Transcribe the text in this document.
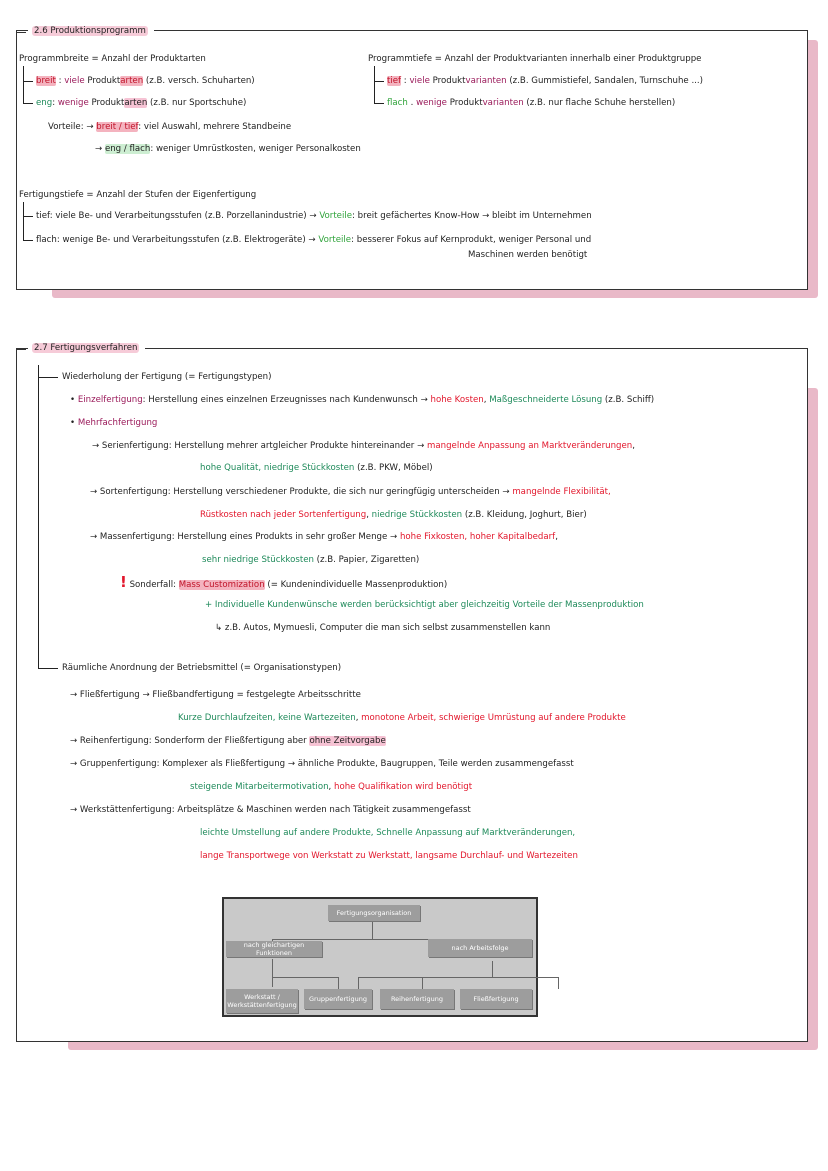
2.6 Produktionsprogramm
Programmbreite = Anzahl der Produktarten
breit : viele Produktarten (z.B. versch. Schuharten)
eng: wenige Produktarten (z.B. nur Sportschuhe)
Vorteile: → breit / tief: viel Auswahl, mehrere Standbeine
→ eng / flach: weniger Umrüstkosten, weniger Personalkosten
Programmtiefe = Anzahl der Produktvarianten innerhalb einer Produktgruppe
tief : viele Produktvarianten (z.B. Gummistiefel, Sandalen, Turnschuhe ...)
flach . wenige Produktvarianten (z.B. nur flache Schuhe herstellen)
Fertigungstiefe = Anzahl der Stufen der Eigenfertigung
tief: viele Be- und Verarbeitungsstufen (z.B. Porzellanindustrie) → Vorteile: breit gefächertes Know-How → bleibt im Unternehmen
flach: wenige Be- und Verarbeitungsstufen (z.B. Elektrogeräte) → Vorteile: besserer Fokus auf Kernprodukt, weniger Personal und
Maschinen werden benötigt
2.7 Fertigungsverfahren
Wiederholung der Fertigung (= Fertigungstypen)
• Einzelfertigung: Herstellung eines einzelnen Erzeugnisses nach Kundenwunsch → hohe Kosten, Maßgeschneiderte Lösung (z.B. Schiff)
• Mehrfachfertigung
→ Serienfertigung: Herstellung mehrer artgleicher Produkte hintereinander → mangelnde Anpassung an Marktveränderungen,
hohe Qualität, niedrige Stückkosten (z.B. PKW, Möbel)
→ Sortenfertigung: Herstellung verschiedener Produkte, die sich nur geringfügig unterscheiden → mangelnde Flexibilität,
Rüstkosten nach jeder Sortenfertigung, niedrige Stückkosten (z.B. Kleidung, Joghurt, Bier)
→ Massenfertigung: Herstellung eines Produkts in sehr großer Menge → hohe Fixkosten, hoher Kapitalbedarf,
sehr niedrige Stückkosten (z.B. Papier, Zigaretten)
! Sonderfall: Mass Customization (= Kundenindividuelle Massenproduktion)
+ Individuelle Kundenwünsche werden berücksichtigt aber gleichzeitig Vorteile der Massenproduktion
↳ z.B. Autos, Mymuesli, Computer die man sich selbst zusammenstellen kann
Räumliche Anordnung der Betriebsmittel (= Organisationstypen)
→ Fließfertigung → Fließbandfertigung = festgelegte Arbeitsschritte
Kurze Durchlaufzeiten, keine Wartezeiten, monotone Arbeit, schwierige Umrüstung auf andere Produkte
→ Reihenfertigung: Sonderform der Fließfertigung aber ohne Zeitvorgabe
→ Gruppenfertigung: Komplexer als Fließfertigung → ähnliche Produkte, Baugruppen, Teile werden zusammengefasst
steigende Mitarbeitermotivation, hohe Qualifikation wird benötigt
→ Werkstättenfertigung: Arbeitsplätze & Maschinen werden nach Tätigkeit zusammengefasst
leichte Umstellung auf andere Produkte, Schnelle Anpassung auf Marktveränderungen,
lange Transportwege von Werkstatt zu Werkstatt, langsame Durchlauf- und Wartezeiten
Fertigungsorganisation
nach gleichartigen Funktionen
nach Arbeitsfolge
Werkstatt / Werkstättenfertigung
Gruppenfertigung	Reihenfertigung	Fließfertigung
